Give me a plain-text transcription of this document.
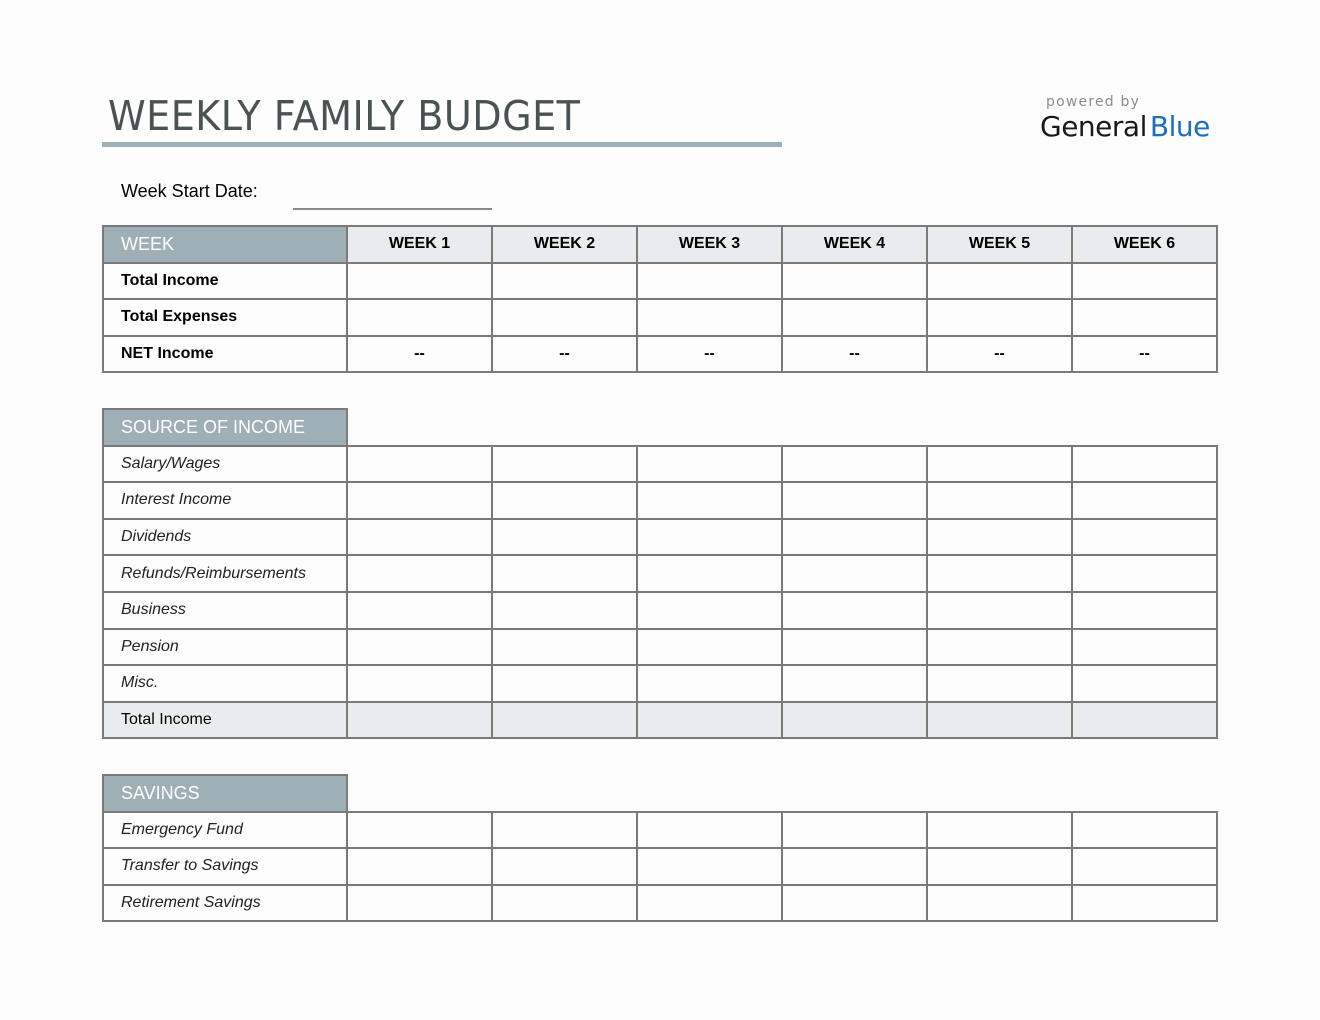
WEEKLY FAMILY BUDGET	powered by
General Blue
Week Start Date:
WEEK	WEEK 1	WEEK 2	WEEK 3	WEEK 4	WEEK 5	WEEK 6
Total Income						
Total Expenses						
NET Income	--	--	--	--	--	--
SOURCE OF INCOME						
Salary/Wages						
Interest Income						
Dividends						
Refunds/Reimbursements						
Business						
Pension						
Misc.						
Total Income						
SAVINGS						
Emergency Fund						
Transfer to Savings						
Retirement Savings						
